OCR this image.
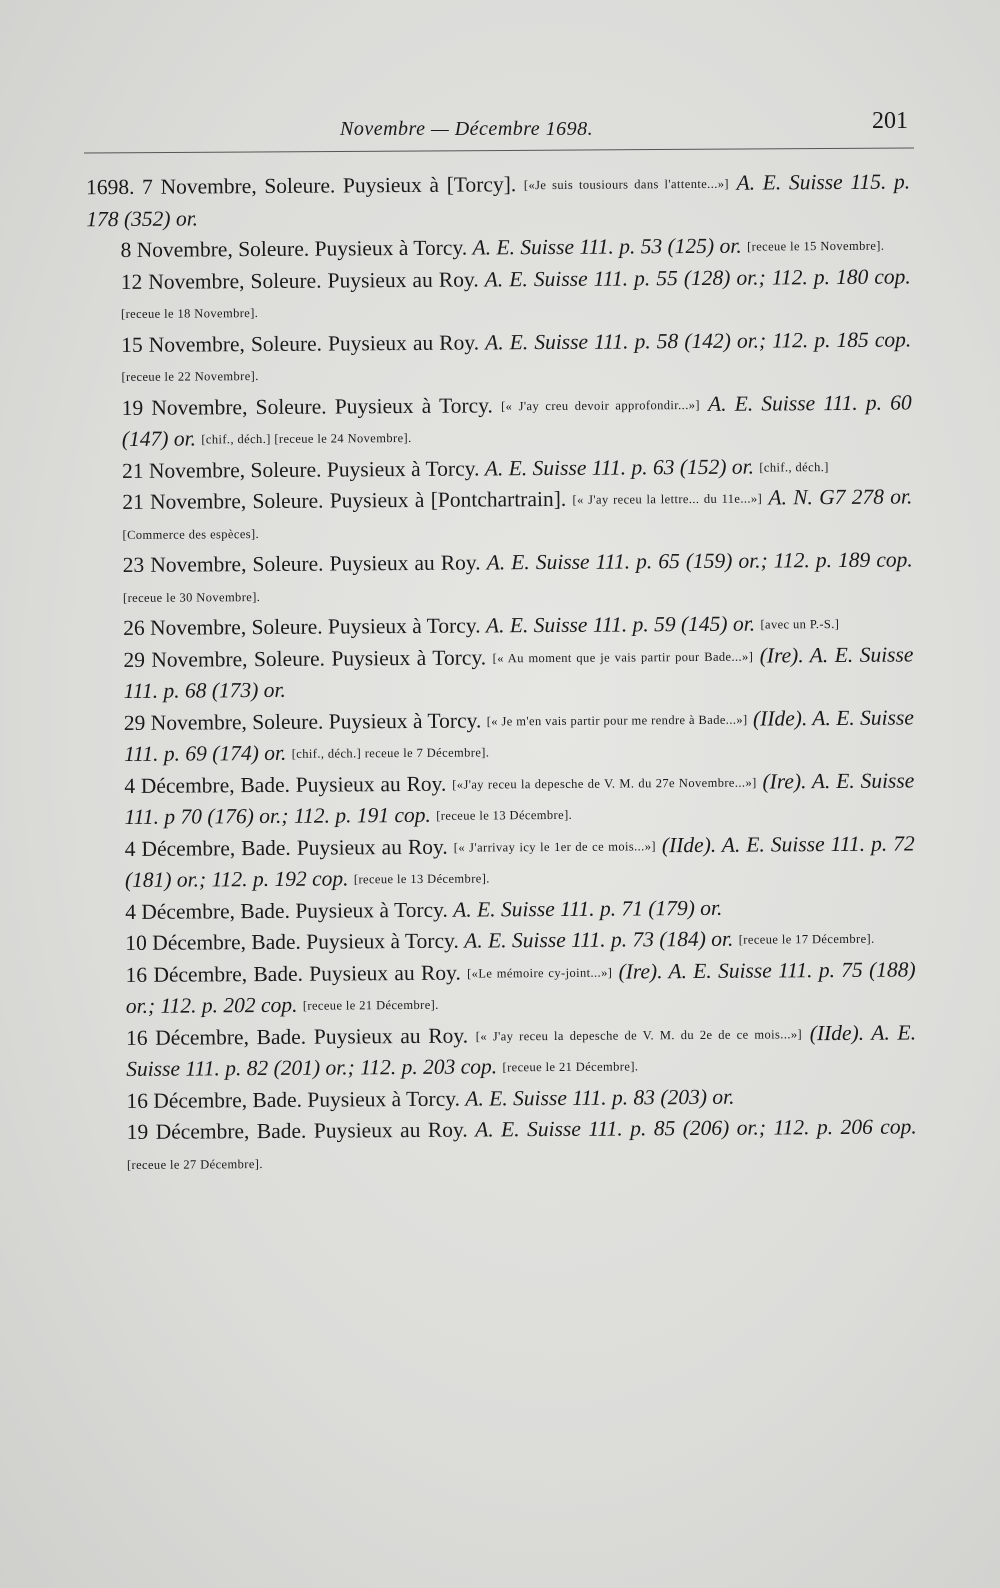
Novembre — Décembre 1698.	201

1698. 7 Novembre, Soleure. Puysieux à [Torcy]. [«Je suis tousiours dans l'attente...»] A. E. Suisse 115. p. 178 (352) or.

8 Novembre, Soleure. Puysieux à Torcy. A. E. Suisse 111. p. 53 (125) or. [receue le 15 Novembre].

12 Novembre, Soleure. Puysieux au Roy. A. E. Suisse 111. p. 55 (128) or.; 112. p. 180 cop. [receue le 18 Novembre].

15 Novembre, Soleure. Puysieux au Roy. A. E. Suisse 111. p. 58 (142) or.; 112. p. 185 cop. [receue le 22 Novembre].

19 Novembre, Soleure. Puysieux à Torcy. [« J'ay creu devoir approfondir...»] A. E. Suisse 111. p. 60 (147) or. [chif., déch.] [receue le 24 Novembre].

21 Novembre, Soleure. Puysieux à Torcy. A. E. Suisse 111. p. 63 (152) or. [chif., déch.]

21 Novembre, Soleure. Puysieux à [Pontchartrain]. [« J'ay receu la lettre... du 11e...»] A. N. G7 278 or. [Commerce des espèces].

23 Novembre, Soleure. Puysieux au Roy. A. E. Suisse 111. p. 65 (159) or.; 112. p. 189 cop. [receue le 30 Novembre].

26 Novembre, Soleure. Puysieux à Torcy. A. E. Suisse 111. p. 59 (145) or. [avec un P.-S.]

29 Novembre, Soleure. Puysieux à Torcy. [« Au moment que je vais partir pour Bade...»] (Ire). A. E. Suisse 111. p. 68 (173) or.

29 Novembre, Soleure. Puysieux à Torcy. [« Je m'en vais partir pour me rendre à Bade...»] (IIde). A. E. Suisse 111. p. 69 (174) or. [chif., déch.] receue le 7 Décembre].

4 Décembre, Bade. Puysieux au Roy. [«J'ay receu la depesche de V. M. du 27e Novembre...»] (Ire). A. E. Suisse 111. p 70 (176) or.; 112. p. 191 cop. [receue le 13 Décembre].

4 Décembre, Bade. Puysieux au Roy. [« J'arrivay icy le 1er de ce mois...»] (IIde). A. E. Suisse 111. p. 72 (181) or.; 112. p. 192 cop. [receue le 13 Décembre].

4 Décembre, Bade. Puysieux à Torcy. A. E. Suisse 111. p. 71 (179) or.

10 Décembre, Bade. Puysieux à Torcy. A. E. Suisse 111. p. 73 (184) or. [receue le 17 Décembre].

16 Décembre, Bade. Puysieux au Roy. [«Le mémoire cy-joint...»] (Ire). A. E. Suisse 111. p. 75 (188) or.; 112. p. 202 cop. [receue le 21 Décembre].

16 Décembre, Bade. Puysieux au Roy. [« J'ay receu la depesche de V. M. du 2e de ce mois...»] (IIde). A. E. Suisse 111. p. 82 (201) or.; 112. p. 203 cop. [receue le 21 Décembre].

16 Décembre, Bade. Puysieux à Torcy. A. E. Suisse 111. p. 83 (203) or.

19 Décembre, Bade. Puysieux au Roy. A. E. Suisse 111. p. 85 (206) or.; 112. p. 206 cop. [receue le 27 Décembre].
